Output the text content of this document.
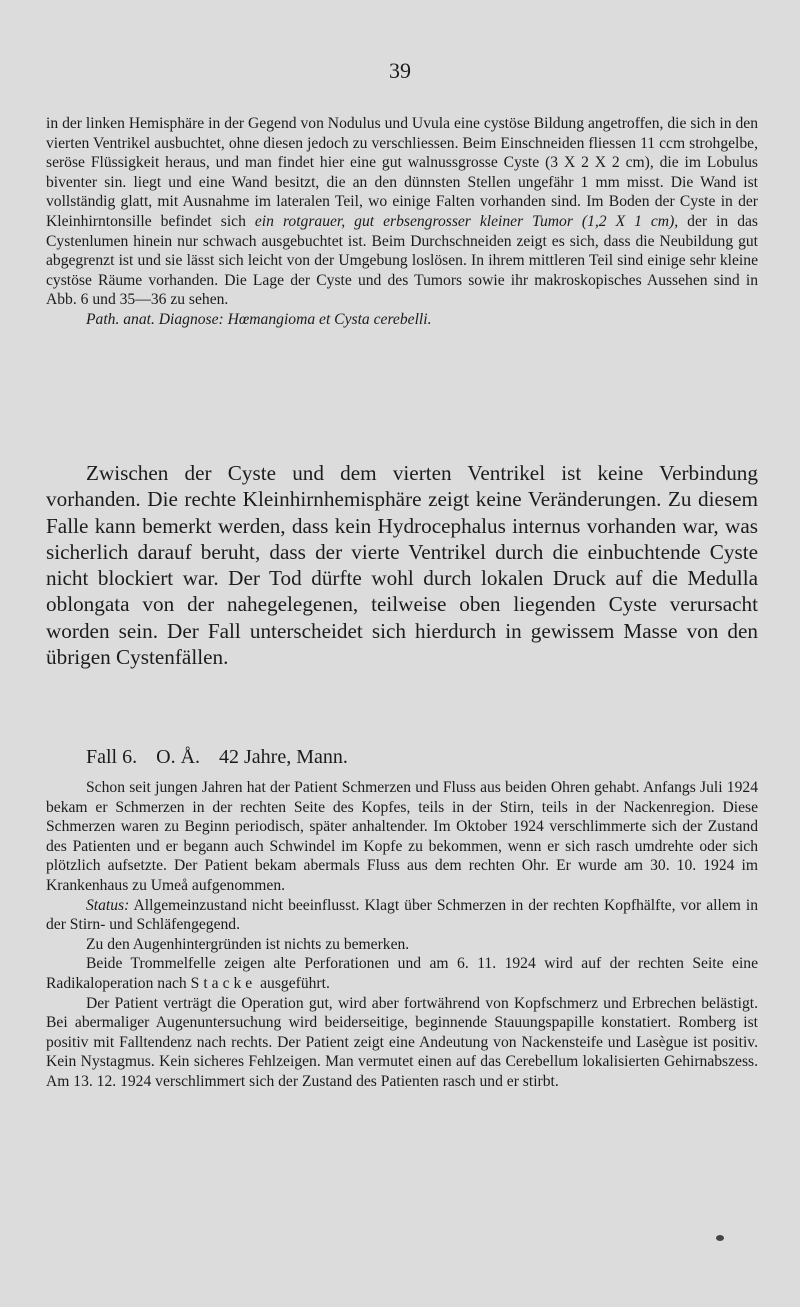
39

in der linken Hemisphäre in der Gegend von Nodulus und Uvula eine cystöse Bildung angetroffen, die sich in den vierten Ventrikel ausbuchtet, ohne diesen jedoch zu verschliessen. Beim Einschneiden fliessen 11 ccm strohgelbe, seröse Flüssigkeit heraus, und man findet hier eine gut walnussgrosse Cyste (3 X 2 X 2 cm), die im Lobulus biventer sin. liegt und eine Wand besitzt, die an den dünnsten Stellen ungefähr 1 mm misst. Die Wand ist vollständig glatt, mit Ausnahme im lateralen Teil, wo einige Falten vorhanden sind. Im Boden der Cyste in der Kleinhirntonsille befindet sich ein rotgrauer, gut erbsengrosser kleiner Tumor (1,2 X 1 cm), der in das Cystenlumen hinein nur schwach ausgebuchtet ist. Beim Durchschneiden zeigt es sich, dass die Neubildung gut abgegrenzt ist und sie lässt sich leicht von der Umgebung loslösen. In ihrem mittleren Teil sind einige sehr kleine cystöse Räume vorhanden. Die Lage der Cyste und des Tumors sowie ihr makroskopisches Aussehen sind in Abb. 6 und 35—36 zu sehen.

Path. anat. Diagnose: Hœmangioma et Cysta cerebelli.

Zwischen der Cyste und dem vierten Ventrikel ist keine Verbindung vorhanden. Die rechte Kleinhirnhemisphäre zeigt keine Veränderungen. Zu diesem Falle kann bemerkt werden, dass kein Hydrocephalus internus vorhanden war, was sicherlich darauf beruht, dass der vierte Ventrikel durch die einbuchtende Cyste nicht blockiert war. Der Tod dürfte wohl durch lokalen Druck auf die Medulla oblongata von der nahegelegenen, teilweise oben liegenden Cyste verursacht worden sein. Der Fall unterscheidet sich hierdurch in gewissem Masse von den übrigen Cystenfällen.

Fall 6. O. Å. 42 Jahre, Mann.

Schon seit jungen Jahren hat der Patient Schmerzen und Fluss aus beiden Ohren gehabt. Anfangs Juli 1924 bekam er Schmerzen in der rechten Seite des Kopfes, teils in der Stirn, teils in der Nackenregion. Diese Schmerzen waren zu Beginn periodisch, später anhaltender. Im Oktober 1924 verschlimmerte sich der Zustand des Patienten und er begann auch Schwindel im Kopfe zu bekommen, wenn er sich rasch umdrehte oder sich plötzlich aufsetzte. Der Patient bekam abermals Fluss aus dem rechten Ohr. Er wurde am 30. 10. 1924 im Krankenhaus zu Umeå aufgenommen.

Status: Allgemeinzustand nicht beeinflusst. Klagt über Schmerzen in der rechten Kopfhälfte, vor allem in der Stirn- und Schläfengegend.

Zu den Augenhintergründen ist nichts zu bemerken.

Beide Trommelfelle zeigen alte Perforationen und am 6. 11. 1924 wird auf der rechten Seite eine Radikaloperation nach Stacke ausgeführt.

Der Patient verträgt die Operation gut, wird aber fortwährend von Kopfschmerz und Erbrechen belästigt. Bei abermaliger Augenuntersuchung wird beiderseitige, beginnende Stauungspapille konstatiert. Romberg ist positiv mit Falltendenz nach rechts. Der Patient zeigt eine Andeutung von Nackensteife und Lasègue ist positiv. Kein Nystagmus. Kein sicheres Fehlzeigen. Man vermutet einen auf das Cerebellum lokalisierten Gehirnabszess. Am 13. 12. 1924 verschlimmert sich der Zustand des Patienten rasch und er stirbt.
